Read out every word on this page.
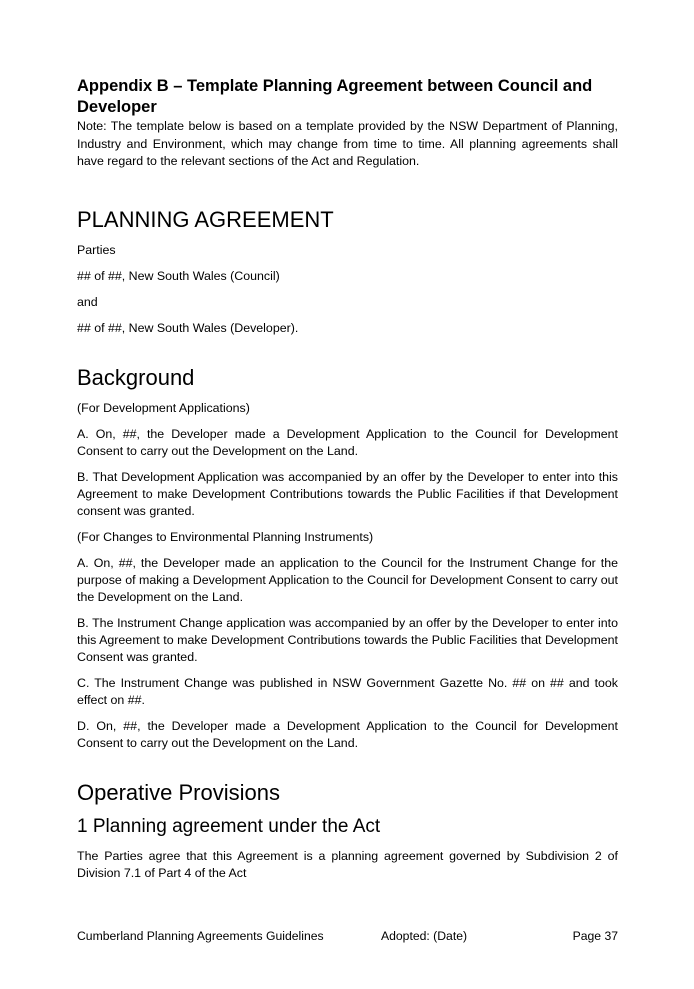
Appendix B – Template Planning Agreement between Council and Developer

Note: The template below is based on a template provided by the NSW Department of Planning, Industry and Environment, which may change from time to time. All planning agreements shall have regard to the relevant sections of the Act and Regulation.

PLANNING AGREEMENT

Parties

## of ##, New South Wales (Council)

and

## of ##, New South Wales (Developer).

Background

(For Development Applications)

A. On, ##, the Developer made a Development Application to the Council for Development Consent to carry out the Development on the Land.

B. That Development Application was accompanied by an offer by the Developer to enter into this Agreement to make Development Contributions towards the Public Facilities if that Development consent was granted.

(For Changes to Environmental Planning Instruments)

A. On, ##, the Developer made an application to the Council for the Instrument Change for the purpose of making a Development Application to the Council for Development Consent to carry out the Development on the Land.

B. The Instrument Change application was accompanied by an offer by the Developer to enter into this Agreement to make Development Contributions towards the Public Facilities that Development Consent was granted.

C. The Instrument Change was published in NSW Government Gazette No. ## on ## and took effect on ##.

D. On, ##, the Developer made a Development Application to the Council for Development Consent to carry out the Development on the Land.

Operative Provisions
1 Planning agreement under the Act

The Parties agree that this Agreement is a planning agreement governed by Subdivision 2 of Division 7.1 of Part 4 of the Act

Cumberland Planning Agreements Guidelines	Adopted: (Date)	Page 37
